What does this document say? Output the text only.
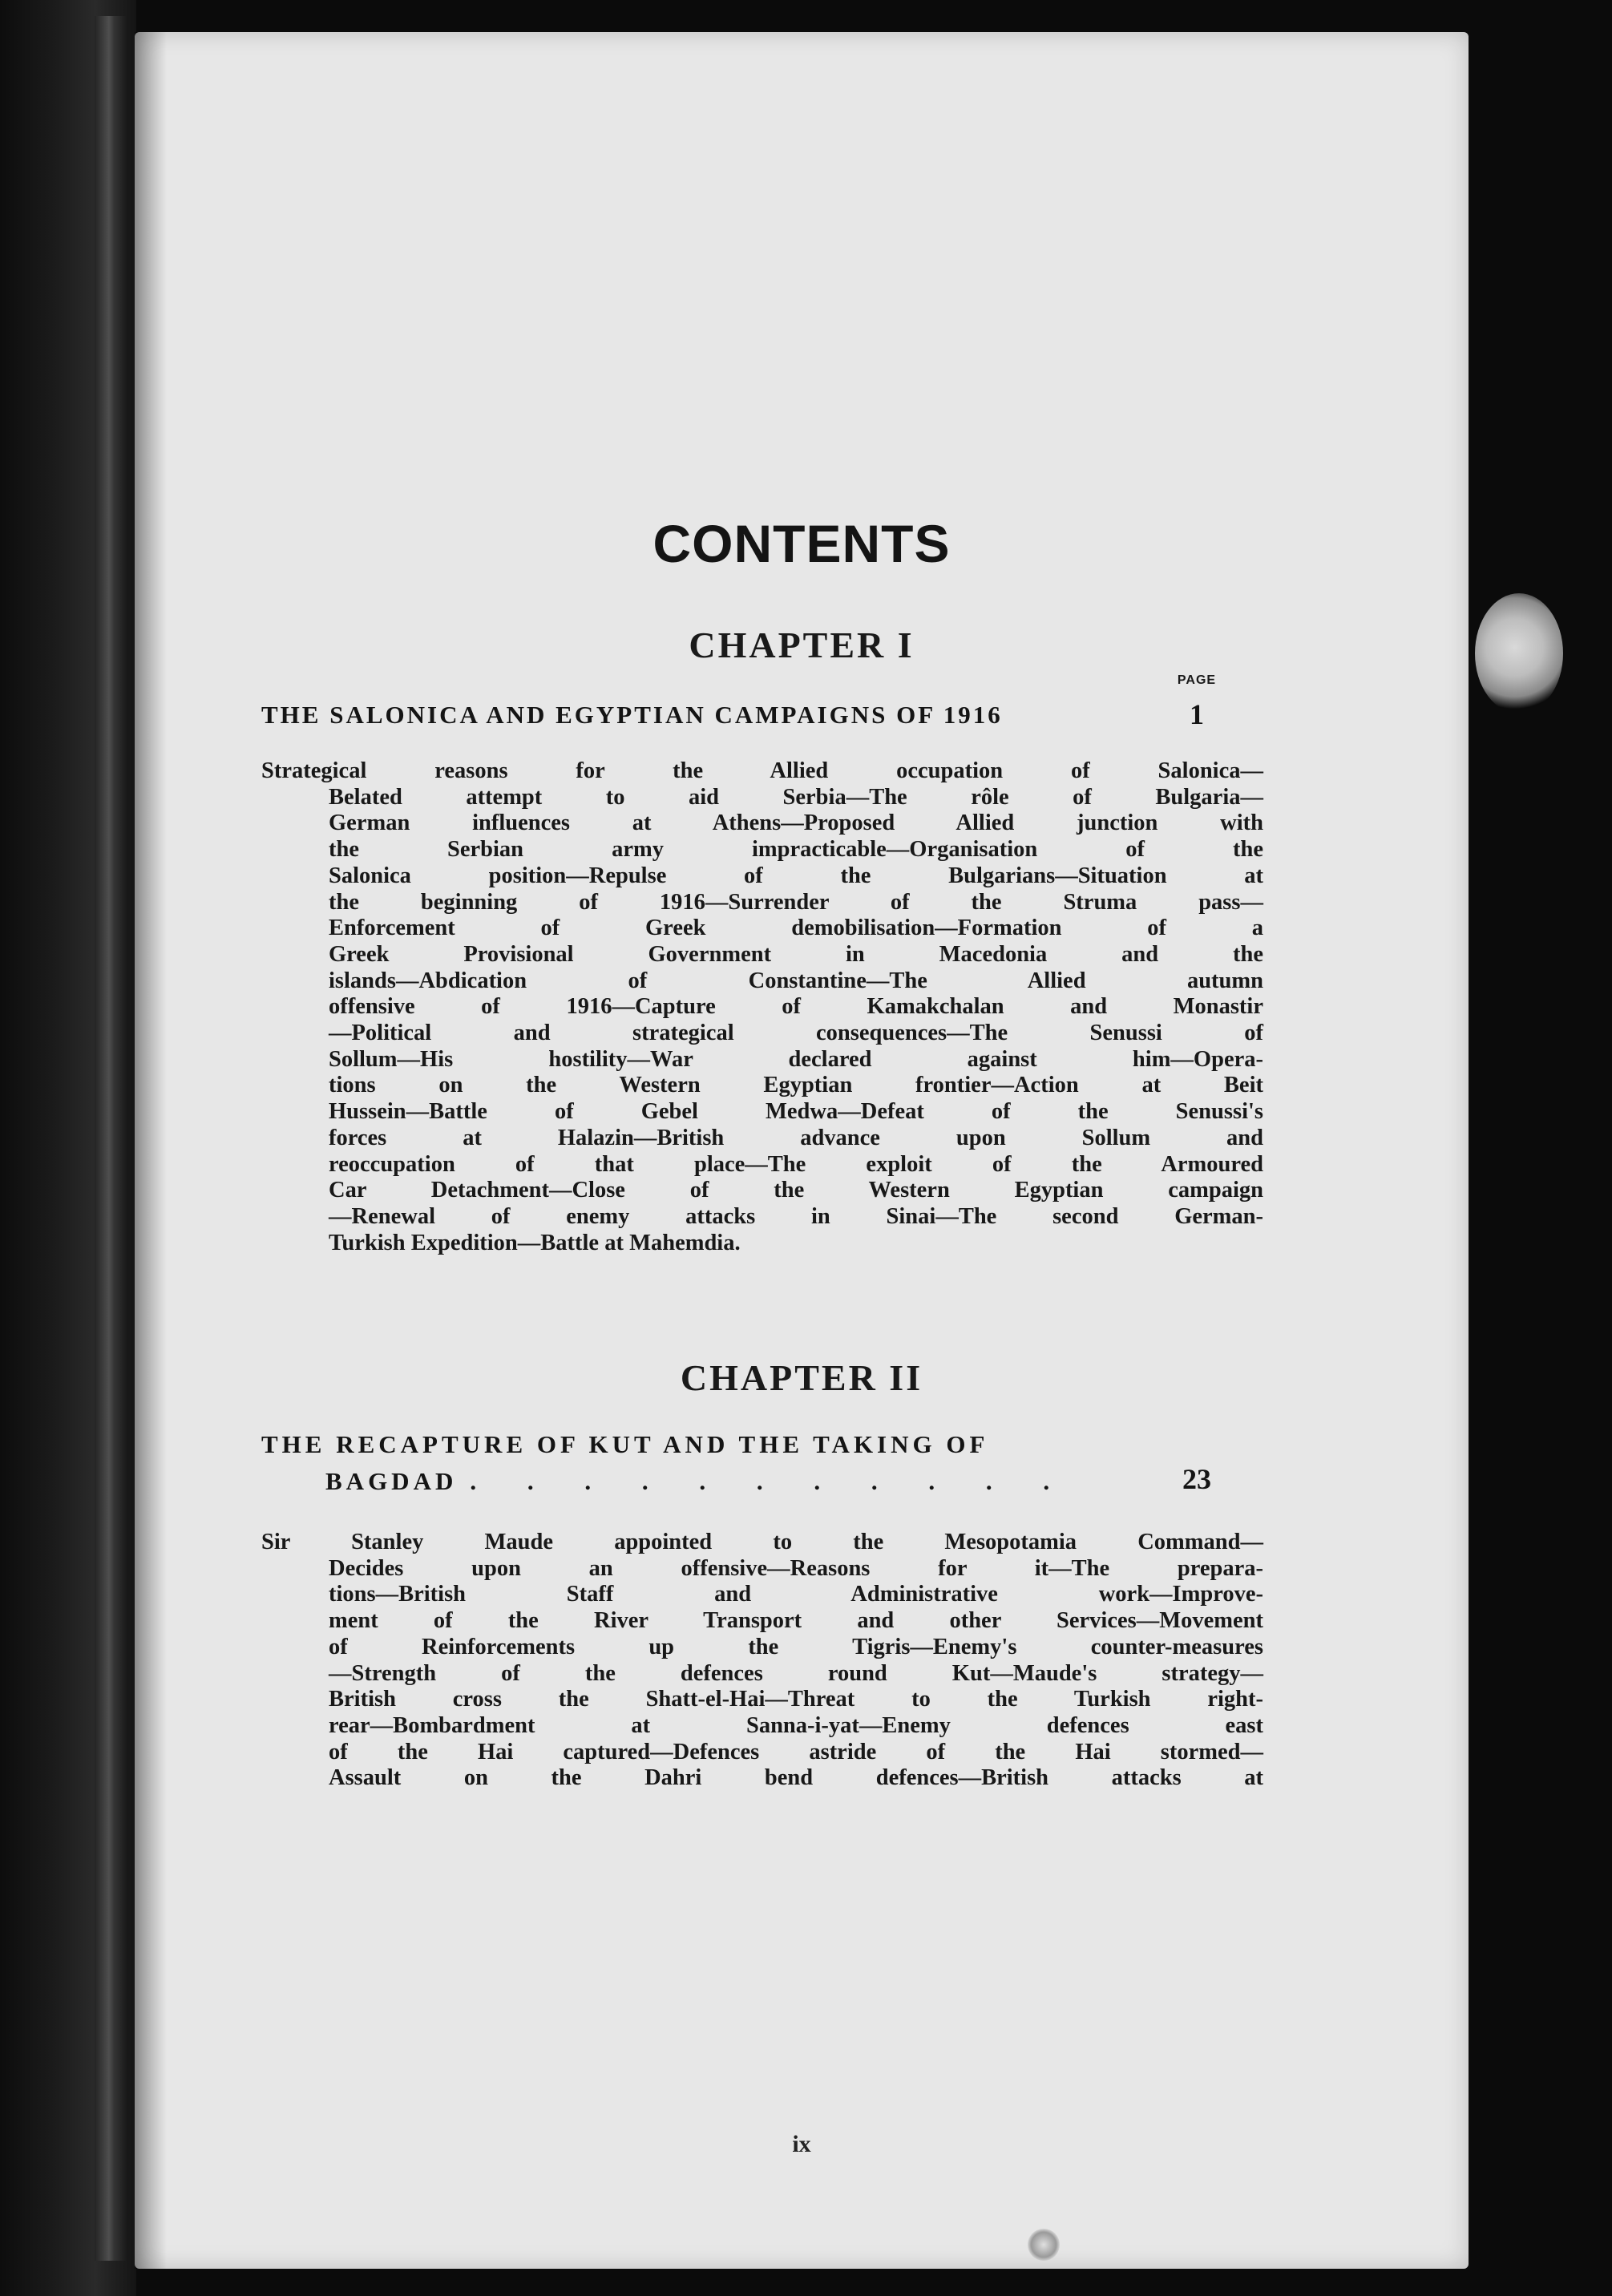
CONTENTS
CHAPTER I
PAGE
THE SALONICA AND EGYPTIAN CAMPAIGNS OF 1916	1
Strategical reasons for the Allied occupation of Salonica—
Belated attempt to aid Serbia—The rôle of Bulgaria—
German influences at Athens—Proposed Allied junction with
the Serbian army impracticable—Organisation of the
Salonica position—Repulse of the Bulgarians—Situation at
the beginning of 1916—Surrender of the Struma pass—
Enforcement of Greek demobilisation—Formation of a
Greek Provisional Government in Macedonia and the
islands—Abdication of Constantine—The Allied autumn
offensive of 1916—Capture of Kamakchalan and Monastir
—Political and strategical consequences—The Senussi of
Sollum—His hostility—War declared against him—Opera-
tions on the Western Egyptian frontier—Action at Beit
Hussein—Battle of Gebel Medwa—Defeat of the Senussi's
forces at Halazin—British advance upon Sollum and
reoccupation of that place—The exploit of the Armoured
Car Detachment—Close of the Western Egyptian campaign
—Renewal of enemy attacks in Sinai—The second German-
Turkish Expedition—Battle at Mahemdia.
CHAPTER II
THE RECAPTURE OF KUT AND THE TAKING OF
BAGDAD . . . . . . . . . . .	23
Sir Stanley Maude appointed to the Mesopotamia Command—
Decides upon an offensive—Reasons for it—The prepara-
tions—British Staff and Administrative work—Improve-
ment of the River Transport and other Services—Movement
of Reinforcements up the Tigris—Enemy's counter-measures
—Strength of the defences round Kut—Maude's strategy—
British cross the Shatt-el-Hai—Threat to the Turkish right-
rear—Bombardment at Sanna-i-yat—Enemy defences east
of the Hai captured—Defences astride of the Hai stormed—
Assault on the Dahri bend defences—British attacks at
ix
